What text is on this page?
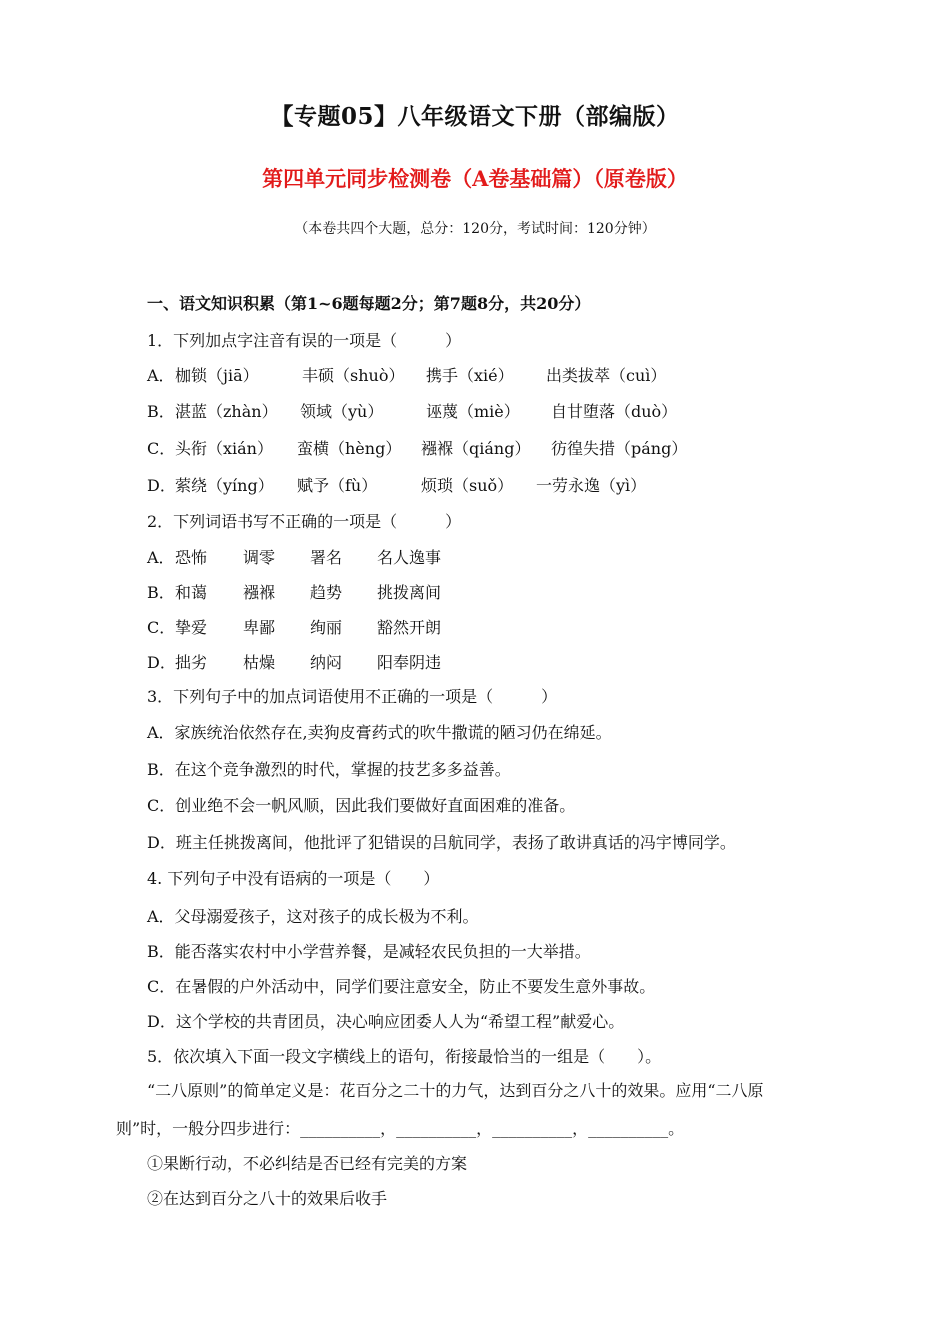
【专题05】八年级语文下册（部编版）
第四单元同步检测卷（A卷基础篇）（原卷版）
（本卷共四个大题，总分：120分，考试时间：120分钟）
一、语文知识积累（第1~6题每题2分；第7题8分，共20分）
1．下列加点字注音有误的一项是（　　　）
A． 枷锁（jiā）	丰硕（shuò） 携手（xié） 出类拔萃（cuì）
B． 湛蓝（zhàn） 领域（yù）	诬蔑（miè） 自甘堕落（duò）
C． 头衔（xián） 蛮横（hèng） 襁褓（qiáng） 彷徨失措（páng）
D． 萦绕（yíng） 赋予（fù）	烦琐（suǒ） 一劳永逸（yì）
2．下列词语书写不正确的一项是（　　　）
A． 恐怖 调零 署名 名人逸事
B． 和蔼 襁褓 趋势 挑拨离间
C． 挚爱 卑鄙 绚丽 豁然开朗
D． 拙劣 枯燥 纳闷 阳奉阴违
3．下列句子中的加点词语使用不正确的一项是（　　　）
A．家族统治依然存在,卖狗皮膏药式的吹牛撒谎的陋习仍在绵延。
B．在这个竞争激烈的时代，掌握的技艺多多益善。
C．创业绝不会一帆风顺，因此我们要做好直面困难的准备。
D．班主任挑拨离间，他批评了犯错误的吕航同学，表扬了敢讲真话的冯宇博同学。
4. 下列句子中没有语病的一项是（　　）
A．父母溺爱孩子，这对孩子的成长极为不利。
B．能否落实农村中小学营养餐，是减轻农民负担的一大举措。
C．在暑假的户外活动中，同学们要注意安全，防止不要发生意外事故。
D．这个学校的共青团员，决心响应团委人人为“希望工程”献爱心。
5．依次填入下面一段文字横线上的语句，衔接最恰当的一组是（　　）。
“二八原则”的简单定义是：花百分之二十的力气，达到百分之八十的效果。应用“二八原
则”时，一般分四步进行：__________，__________，__________，__________。
①果断行动，不必纠结是否已经有完美的方案
②在达到百分之八十的效果后收手
